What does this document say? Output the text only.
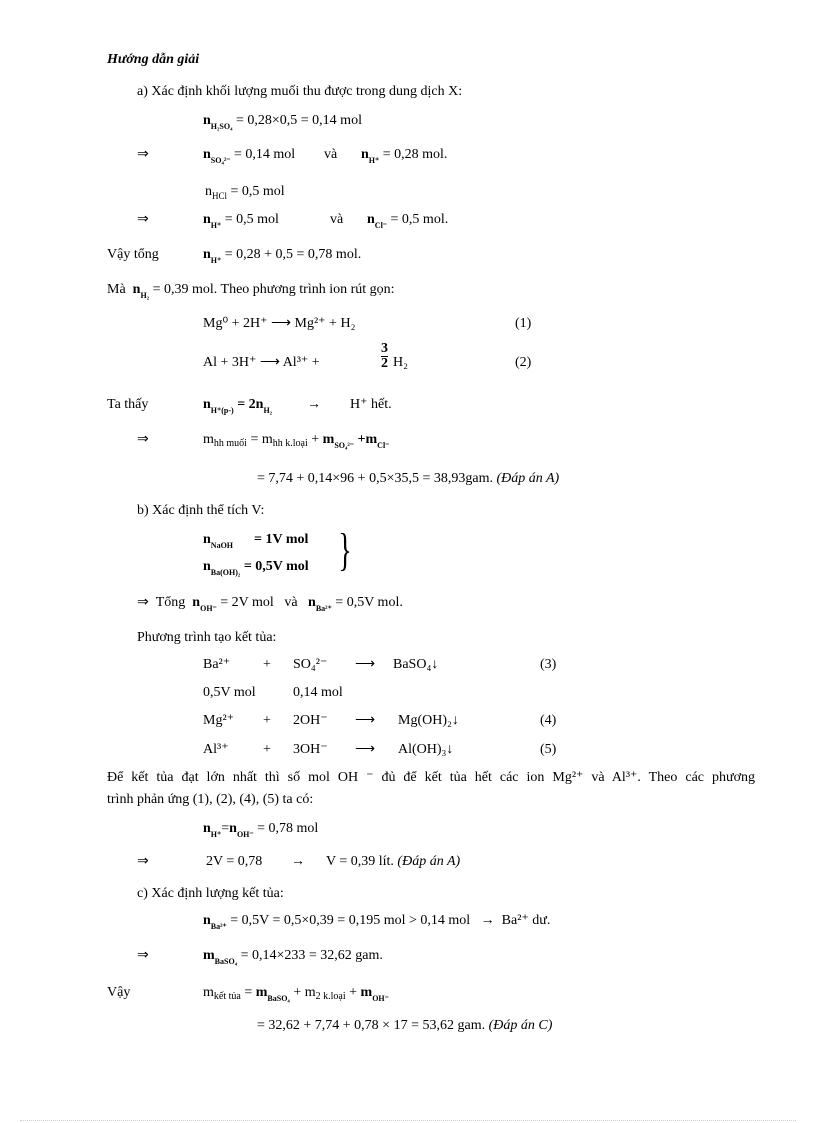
Hướng dẫn giải
a) Xác định khối lượng muối thu được trong dung dịch X:
$n_{H_2SO_4} = 0,28\times 0,5 = 0,14$ mol
⇒	$n_{SO_4^{2-}} = 0,14$ mol và $n_{H^+} = 0,28$ mol.
$n_{HCl} = 0,5$ mol
⇒	$n_{H^+} = 0,5$ mol	và $n_{Cl^-} = 0,5$ mol.
Vậy tổng	$n_{H^+} = 0,28 + 0,5 = 0,78$ mol.
Mà $n_{H_2} = 0,39$ mol. Theo phương trình ion rút gọn:
Mg⁰ + 2H⁺ ⟶ Mg²⁺ + H₂	(1)
Al + 3H⁺ ⟶ Al³⁺ +	$\frac{3}{2} H_2$	(2)
Ta thấy	$n_{H^+(p-)} = 2n_{H_2} \to H^+$ hết.
⇒	$m_{hh muối} = m_{hh k.loại} + m_{SO_4^{2-}} +m_{Cl^-}$
= 7,74 + 0,14×96 + 0,5×35,5 = 38,93gam. (Đáp án A)
b) Xác định thể tích V:
$n_{NaOH} = 1V$ mol
$n_{Ba(OH)_2} = 0,5V$ mol }
⇒ Tổng $n_{OH^-} = 2V$ mol và $n_{Ba^{2+}} = 0,5V$ mol.
Phương trình tạo kết tủa:
Ba²⁺ + SO₄²⁻ ⟶ BaSO₄↓	(3)
0,5V mol	0,14 mol
Mg²⁺ + 2OH⁻ ⟶ Mg(OH)₂↓	(4)
Al³⁺ + 3OH⁻ ⟶ Al(OH)₃↓	(5)
Để kết tủa đạt lớn nhất thì số mol OH ⁻ đủ để kết tủa hết các ion Mg²⁺ và Al³⁺. Theo các phương
trình phản ứng (1), (2), (4), (5) ta có:
$n_{H^+}=n_{OH^-} = 0,78$ mol
⇒	2V = 0,78 → V = 0,39 lít. (Đáp án A)
c) Xác định lượng kết tủa:
$n_{Ba^{2+}} = 0,5V = 0,5\times 0,39 = 0,195$ mol > 0,14 mol → Ba²⁺ dư.
⇒	$m_{BaSO_4} = 0,14\times 233 = 32,62$ gam.
Vậy	$m_{kết tủa} = m_{BaSO_4} + m_{2 k.loại} + m_{OH^-}$
= 32,62 + 7,74 + 0,78 × 17 = 53,62 gam. (Đáp án C)
